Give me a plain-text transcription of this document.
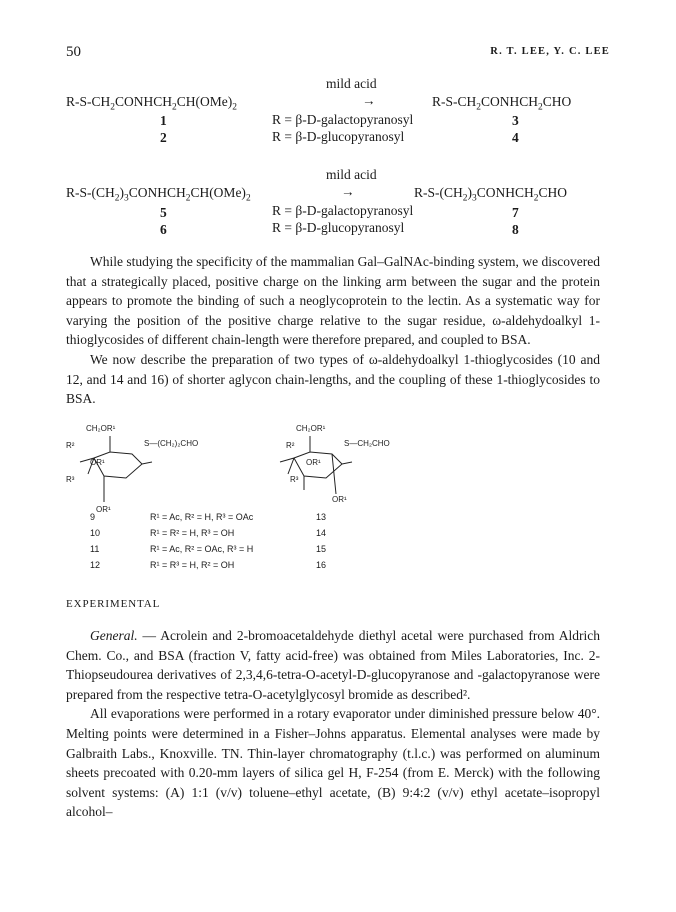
50	R. T. LEE, Y. C. LEE
mild acid
$R-S-CH_2CONHCH_2CH(OMe)_2$	→	$R-S-CH_2CONHCH_2CHO$
1	R = β-D-galactopyranosyl	3
2	R = β-D-glucopyranosyl	4
mild acid
$R-S-(CH_2)_3CONHCH_2CH(OMe)_2$	→	$R-S-(CH_2)_3CONHCH_2CHO$
5	R = β-D-galactopyranosyl	7
6	R = β-D-glucopyranosyl	8

While studying the specificity of the mammalian Gal–GalNAc-binding system, we discovered that a strategically placed, positive charge on the linking arm between the sugar and the protein appears to promote the binding of such a neoglycoprotein to the lectin. As a systematic way for varying the position of the positive charge relative to the sugar residue, ω-aldehydoalkyl 1-thioglycosides of different chain-length were therefore prepared, and coupled to BSA.

We now describe the preparation of two types of ω-aldehydoalkyl 1-thioglycosides (10 and 12, and 14 and 16) of shorter aglycon chain-lengths, and the coupling of these 1-thioglycosides to BSA.

CH₂OR¹
R²	S—(CH₂)₂CHO
OR¹
R³
OR¹
CH₂OR¹
R²	S—CH₂CHO
OR¹
R³
OR¹
9	R¹ = Ac, R² = H, R³ = OAc	13
10	R¹ = R² = H, R³ = OH	14
11	R¹ = Ac, R² = OAc, R³ = H	15
12	R¹ = R³ = H, R² = OH	16
EXPERIMENTAL

General. — Acrolein and 2-bromoacetaldehyde diethyl acetal were purchased from Aldrich Chem. Co., and BSA (fraction V, fatty acid-free) was obtained from Miles Laboratories, Inc. 2-Thiopseudourea derivatives of 2,3,4,6-tetra-O-acetyl-D-glucopyranose and -galactopyranose were prepared from the respective tetra-O-acetylglycosyl bromide as described².

All evaporations were performed in a rotary evaporator under diminished pressure below 40°. Melting points were determined in a Fisher–Johns apparatus. Elemental analyses were made by Galbraith Labs., Knoxville. TN. Thin-layer chromatography (t.l.c.) was performed on aluminum sheets precoated with 0.20-mm layers of silica gel H, F-254 (from E. Merck) with the following solvent systems: (A) 1:1 (v/v) toluene–ethyl acetate, (B) 9:4:2 (v/v) ethyl acetate–isopropyl alcohol–
